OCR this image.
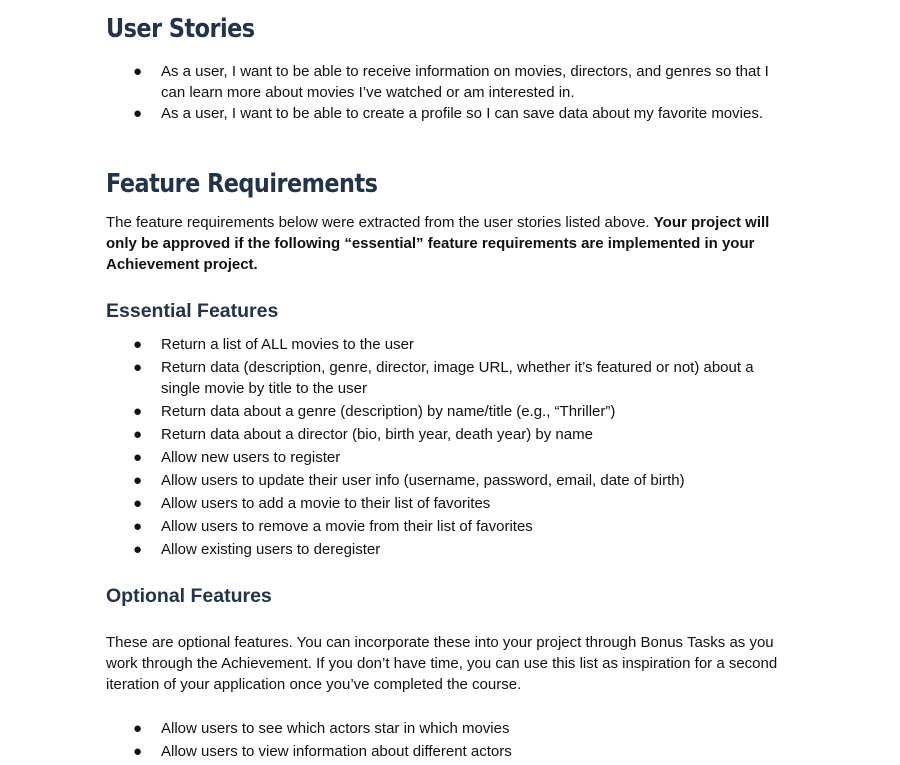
User Stories
● As a user, I want to be able to receive information on movies, directors, and genres so that I can learn more about movies I’ve watched or am interested in.
● As a user, I want to be able to create a profile so I can save data about my favorite movies.
Feature Requirements

The feature requirements below were extracted from the user stories listed above. Your project will only be approved if the following “essential” feature requirements are implemented in your Achievement project.

Essential Features
● Return a list of ALL movies to the user
● Return data (description, genre, director, image URL, whether it’s featured or not) about a single movie by title to the user
● Return data about a genre (description) by name/title (e.g., “Thriller”)
● Return data about a director (bio, birth year, death year) by name
● Allow new users to register
● Allow users to update their user info (username, password, email, date of birth)
● Allow users to add a movie to their list of favorites
● Allow users to remove a movie from their list of favorites
● Allow existing users to deregister
Optional Features

These are optional features. You can incorporate these into your project through Bonus Tasks as you work through the Achievement. If you don’t have time, you can use this list as inspiration for a second iteration of your application once you’ve completed the course.

● Allow users to see which actors star in which movies
● Allow users to view information about different actors
